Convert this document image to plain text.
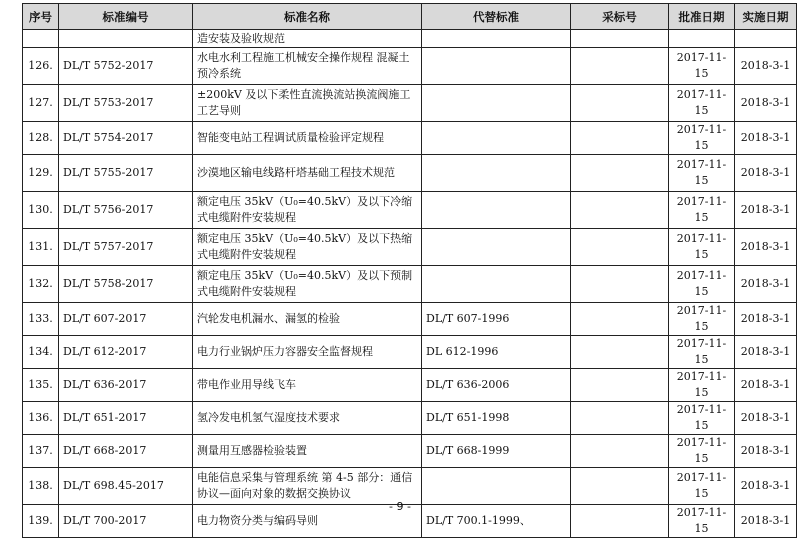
序号	标准编号	标准名称	代替标准	采标号	批准日期	实施日期
		造安装及验收规范				
126.	DL/T 5752-2017	水电水利工程施工机械安全操作规程 混凝土预冷系统			2017-11-15	2018-3-1
127.	DL/T 5753-2017	±200kV 及以下柔性直流换流站换流阀施工工艺导则			2017-11-15	2018-3-1
128.	DL/T 5754-2017	智能变电站工程调试质量检验评定规程			2017-11-15	2018-3-1
129.	DL/T 5755-2017	沙漠地区输电线路杆塔基础工程技术规范			2017-11-15	2018-3-1
130.	DL/T 5756-2017	额定电压 35kV（U₀=40.5kV）及以下冷缩式电缆附件安装规程			2017-11-15	2018-3-1
131.	DL/T 5757-2017	额定电压 35kV（U₀=40.5kV）及以下热缩式电缆附件安装规程			2017-11-15	2018-3-1
132.	DL/T 5758-2017	额定电压 35kV（U₀=40.5kV）及以下预制式电缆附件安装规程			2017-11-15	2018-3-1
133.	DL/T 607-2017	汽轮发电机漏水、漏氢的检验	DL/T 607-1996		2017-11-15	2018-3-1
134.	DL/T 612-2017	电力行业锅炉压力容器安全监督规程	DL 612-1996		2017-11-15	2018-3-1
135.	DL/T 636-2017	带电作业用导线飞车	DL/T 636-2006		2017-11-15	2018-3-1
136.	DL/T 651-2017	氢冷发电机氢气湿度技术要求	DL/T 651-1998		2017-11-15	2018-3-1
137.	DL/T 668-2017	测量用互感器检验装置	DL/T 668-1999		2017-11-15	2018-3-1
138.	DL/T 698.45-2017	电能信息采集与管理系统 第 4-5 部分：通信协议—面向对象的数据交换协议			2017-11-15	2018-3-1
139.	DL/T 700-2017	电力物资分类与编码导则	DL/T 700.1-1999、		2017-11-15	2018-3-1
- 9 -
